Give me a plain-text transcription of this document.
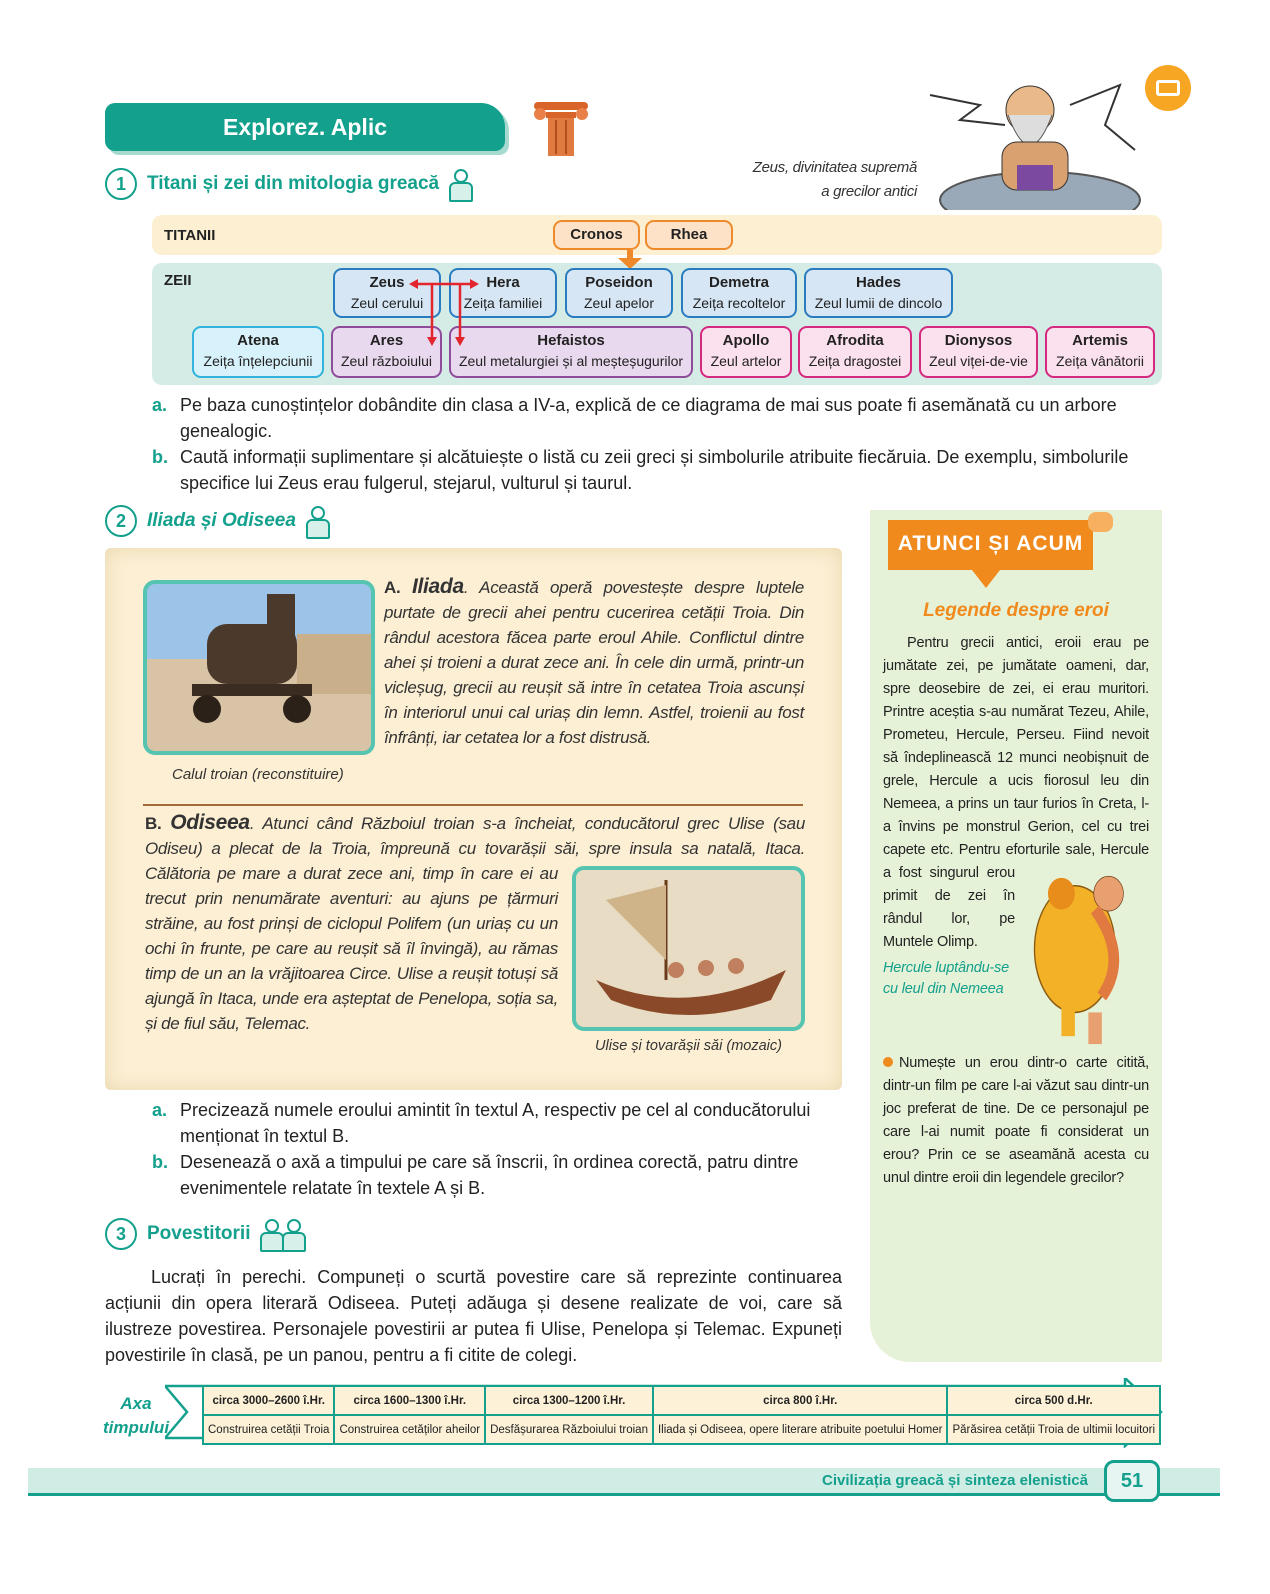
Explorez. Aplic
Zeus, divinitatea supremă a grecilor antici
1	Titani și zei din mitologia greacă
TITANII
ZEII
Cronos	Rhea
Zeus
Zeul cerului
Hera
Zeița familiei
Poseidon
Zeul apelor
Demetra
Zeița recoltelor
Hades
Zeul lumii de dincolo
Atena
Zeița înțelepciunii
Ares
Zeul războiului
Hefaistos
Zeul metalurgiei și al meșteșugurilor
Apollo
Zeul artelor
Afrodita
Zeița dragostei
Dionysos
Zeul viței-de-vie
Artemis
Zeița vânătorii
a. Pe baza cunoștințelor dobândite din clasa a IV-a, explică de ce diagrama de mai sus poate fi asemănată cu un arbore genealogic.
b. Caută informații suplimentare și alcătuiește o listă cu zeii greci și simbolurile atribuite fiecăruia. De exemplu, simbolurile specifice lui Zeus erau fulgerul, stejarul, vulturul și taurul.
2	Iliada și Odiseea
Calul troian (reconstituire)
A. Iliada. Această operă povestește despre luptele purtate de grecii ahei pentru cucerirea cetății Troia. Din rândul acestora făcea parte eroul Ahile. Conflictul dintre ahei și troieni a durat zece ani. În cele din urmă, printr-un vicleșug, grecii au reușit să intre în cetatea Troia ascunși în interiorul unui cal uriaș din lemn. Astfel, troienii au fost înfrânți, iar cetatea lor a fost distrusă.
Ulise și tovarășii săi (mozaic)
B. Odiseea. Atunci când Războiul troian s-a încheiat, conducătorul grec Ulise (sau Odiseu) a plecat de la Troia, împreună cu tovarășii săi, spre insula sa natală, Itaca. Călătoria pe mare a durat zece ani, timp în care ei au trecut prin nenumărate aventuri: au ajuns pe țărmuri străine, au fost prinși de ciclopul Polifem (un uriaș cu un ochi în frunte, pe care au reușit să îl învingă), au rămas timp de un an la vrăjitoarea Circe. Ulise a reușit totuși să ajungă în Itaca, unde era așteptat de Penelopa, soția sa, și de fiul său, Telemac.
a. Precizează numele eroului amintit în textul A, respectiv pe cel al conducătorului menționat în textul B.
b. Desenează o axă a timpului pe care să înscrii, în ordinea corectă, patru dintre evenimentele relatate în textele A și B.
3	Povestitorii
Lucrați în perechi. Compuneți o scurtă povestire care să reprezinte continuarea acțiunii din opera literară Odiseea. Puteți adăuga și desene realizate de voi, care să ilustreze povestirea. Personajele povestirii ar putea fi Ulise, Penelopa și Telemac. Expuneți povestirile în clasă, pe un panou, pentru a fi citite de colegi.
ATUNCI ȘI ACUM
Legende despre eroi

Pentru grecii antici, eroii erau pe jumătate zei, pe jumătate oameni, dar, spre deosebire de zei, ei erau muritori. Printre aceștia s-au numărat Tezeu, Ahile, Prometeu, Hercule, Perseu. Fiind nevoit să îndeplinească 12 munci neobișnuit de grele, Hercule a ucis fiorosul leu din Nemeea, a prins un taur furios în Creta, l-a învins pe monstrul Gerion, cel cu trei capete etc. Pentru eforturile sale, Hercule a fost singurul erou primit de zei în rândul lor, pe Muntele Olimp.

Hercule luptându-se cu leul din Nemeea

Numește un erou dintr-o carte citită, dintr-un film pe care l-ai văzut sau dintr-un joc preferat de tine. De ce personajul pe care l-ai numit poate fi considerat un erou? Prin ce se aseamănă acesta cu unul dintre eroii din legendele grecilor?

Axa
timpului
circa 3000–2600 î.Hr.	circa 1600–1300 î.Hr.	circa 1300–1200 î.Hr.	circa 800 î.Hr.	circa 500 d.Hr.
Construirea cetății Troia	Construirea cetăților aheilor	Desfășurarea Războiului troian	Iliada și Odiseea, opere literare atribuite poetului Homer	Părăsirea cetății Troia de ultimii locuitori
Civilizația greacă și sinteza elenistică	51
